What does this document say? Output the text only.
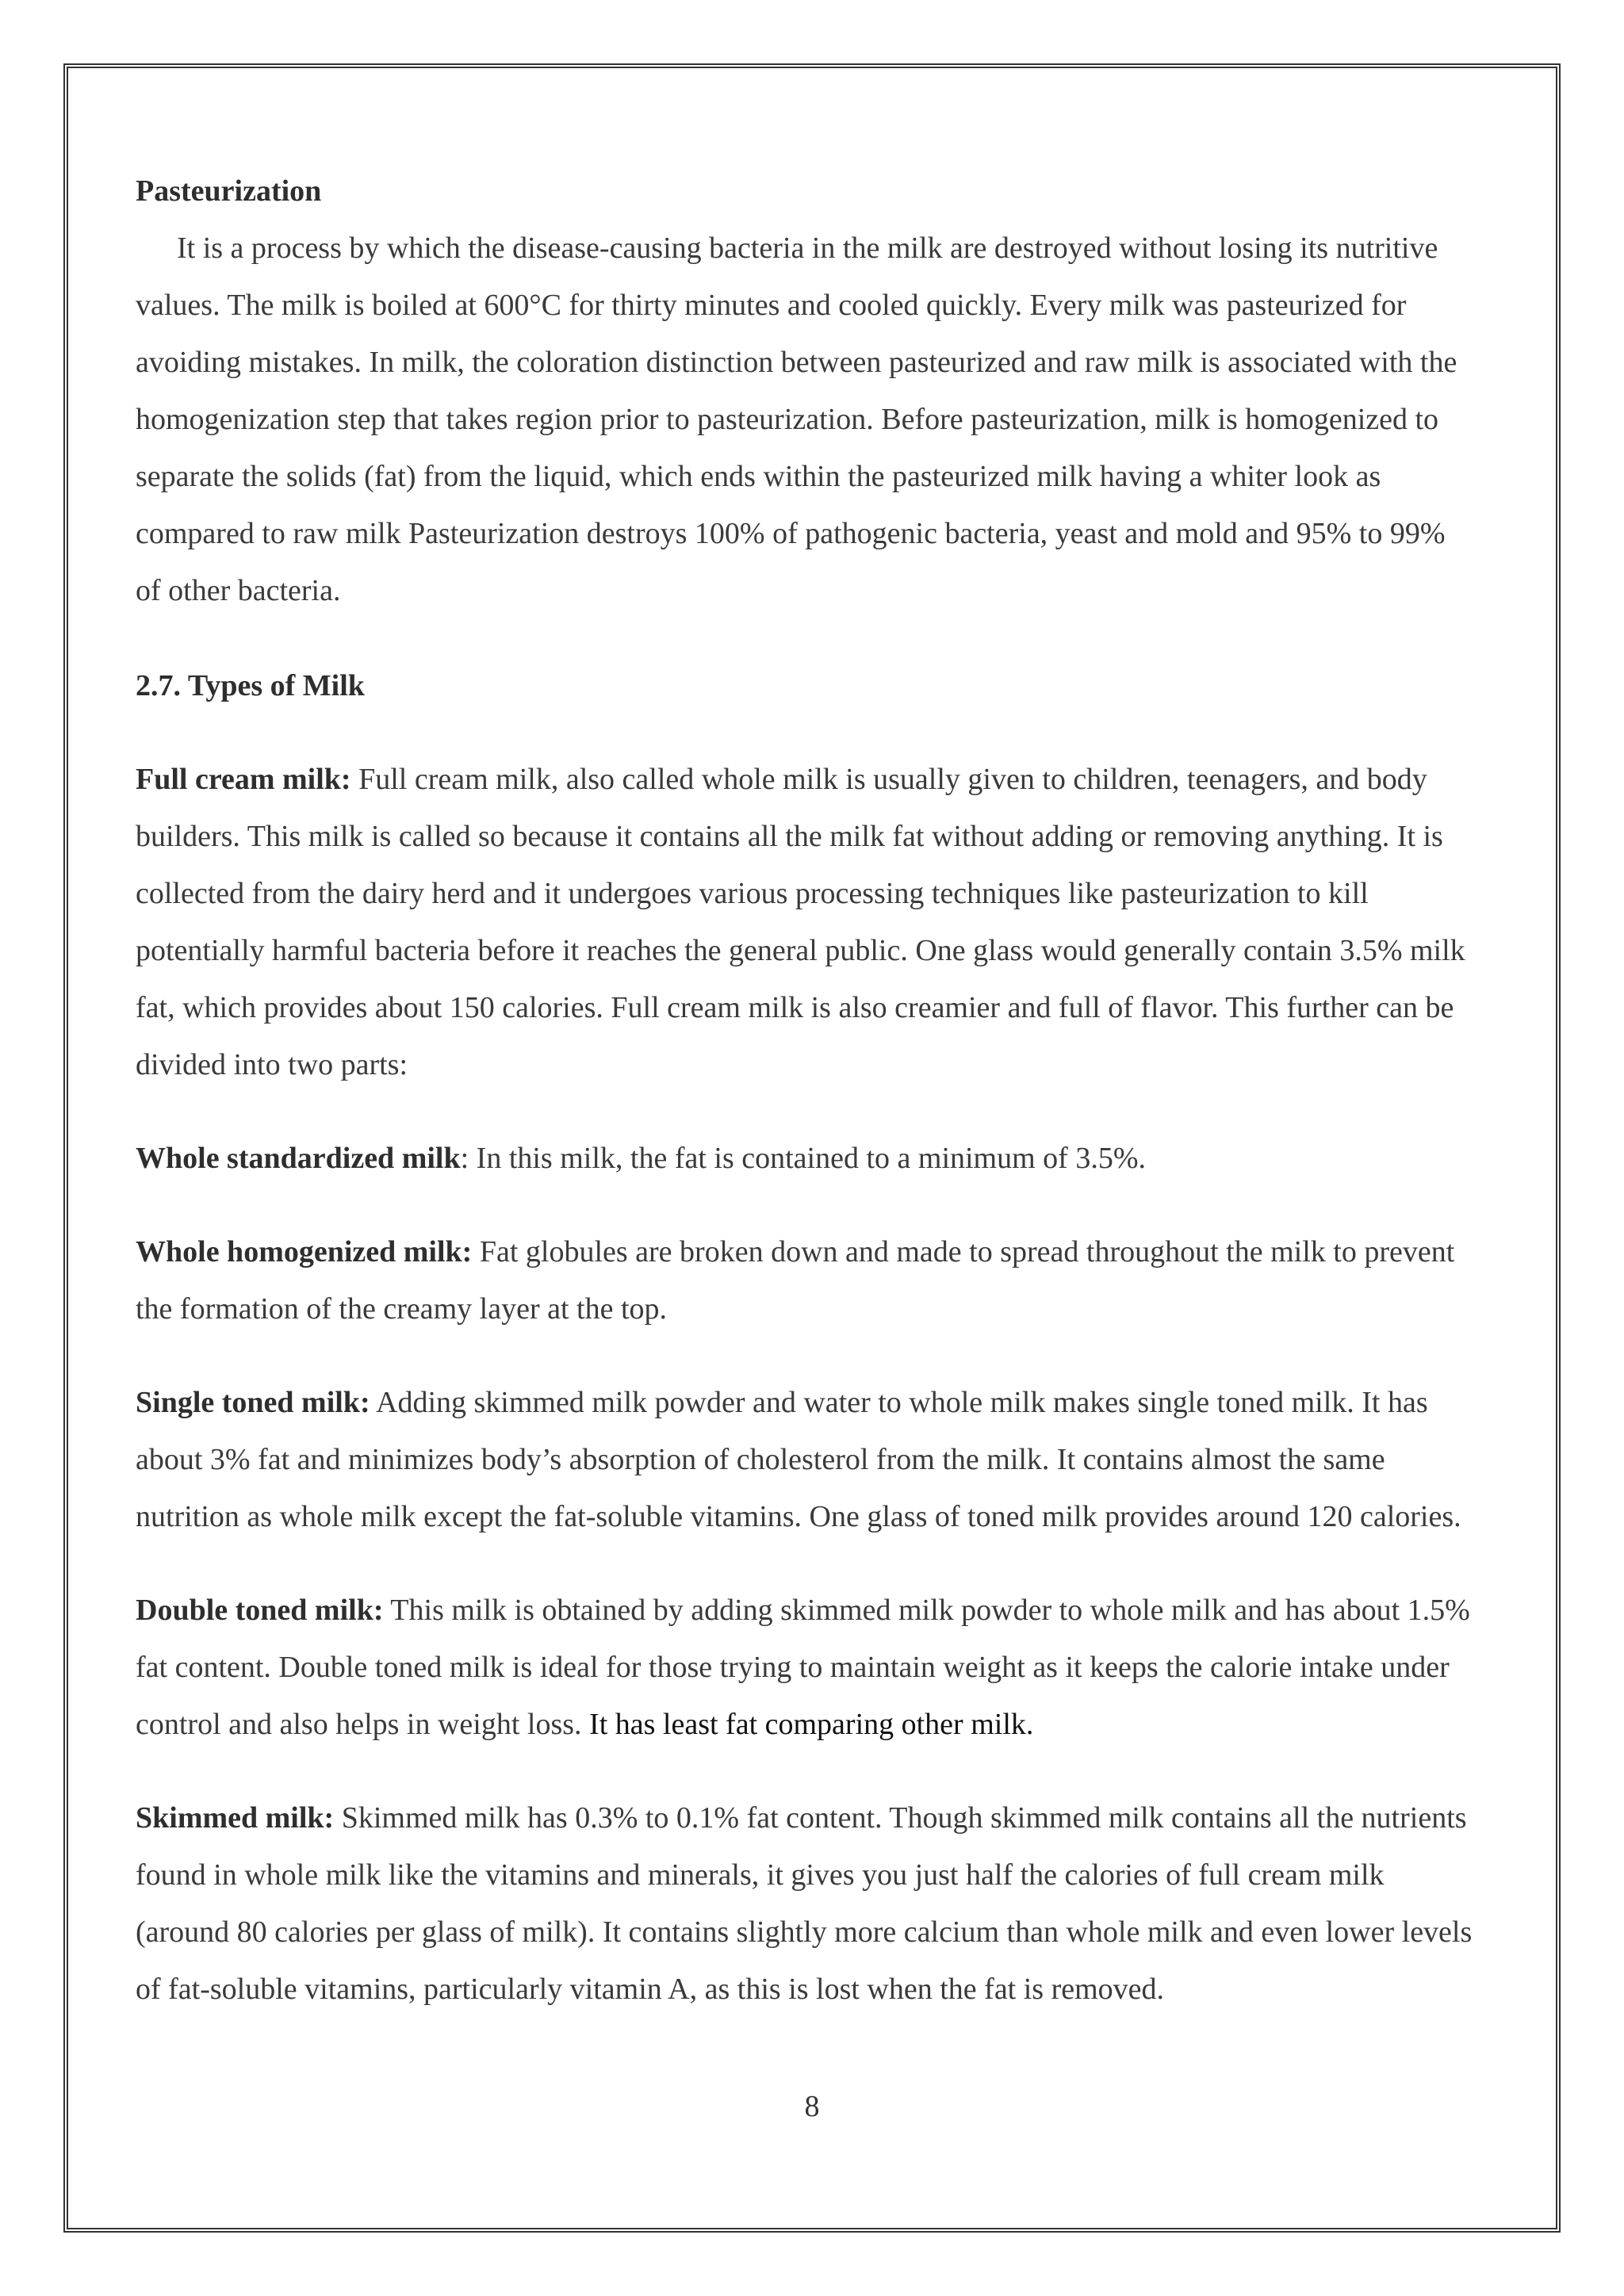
Pasteurization

It is a process by which the disease-causing bacteria in the milk are destroyed without losing its nutritive values. The milk is boiled at 600°C for thirty minutes and cooled quickly. Every milk was pasteurized for avoiding mistakes. In milk, the coloration distinction between pasteurized and raw milk is associated with the homogenization step that takes region prior to pasteurization. Before pasteurization, milk is homogenized to separate the solids (fat) from the liquid, which ends within the pasteurized milk having a whiter look as compared to raw milk Pasteurization destroys 100% of pathogenic bacteria, yeast and mold and 95% to 99% of other bacteria.

2.7. Types of Milk

Full cream milk: Full cream milk, also called whole milk is usually given to children, teenagers, and body builders. This milk is called so because it contains all the milk fat without adding or removing anything. It is collected from the dairy herd and it undergoes various processing techniques like pasteurization to kill potentially harmful bacteria before it reaches the general public. One glass would generally contain 3.5% milk fat, which provides about 150 calories. Full cream milk is also creamier and full of flavor. This further can be divided into two parts:

Whole standardized milk: In this milk, the fat is contained to a minimum of 3.5%.

Whole homogenized milk: Fat globules are broken down and made to spread throughout the milk to prevent the formation of the creamy layer at the top.

Single toned milk: Adding skimmed milk powder and water to whole milk makes single toned milk. It has about 3% fat and minimizes body’s absorption of cholesterol from the milk. It contains almost the same nutrition as whole milk except the fat-soluble vitamins. One glass of toned milk provides around 120 calories.

Double toned milk: This milk is obtained by adding skimmed milk powder to whole milk and has about 1.5% fat content. Double toned milk is ideal for those trying to maintain weight as it keeps the calorie intake under control and also helps in weight loss. It has least fat comparing other milk.

Skimmed milk: Skimmed milk has 0.3% to 0.1% fat content. Though skimmed milk contains all the nutrients found in whole milk like the vitamins and minerals, it gives you just half the calories of full cream milk (around 80 calories per glass of milk). It contains slightly more calcium than whole milk and even lower levels of fat-soluble vitamins, particularly vitamin A, as this is lost when the fat is removed.

8
